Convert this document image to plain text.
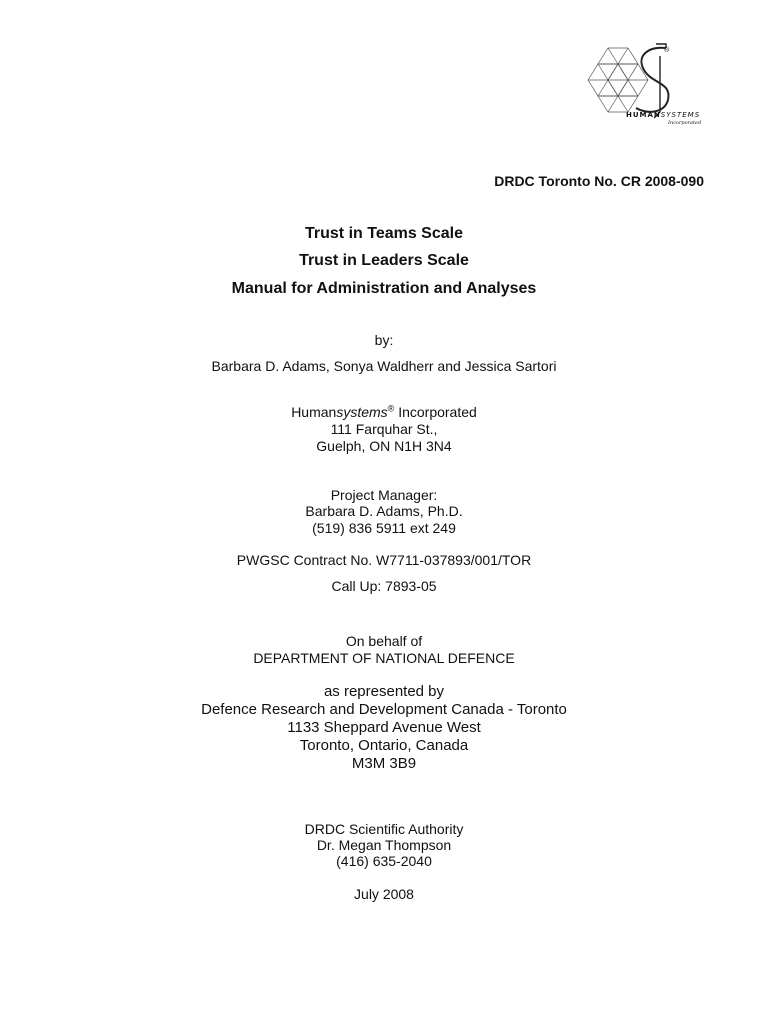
®
HUMANSYSTEMS
Incorporated
DRDC Toronto No. CR 2008-090
Trust in Teams Scale
Trust in Leaders Scale
Manual for Administration and Analyses
by:
Barbara D. Adams, Sonya Waldherr and Jessica Sartori
Humansystems® Incorporated
111 Farquhar St.,
Guelph, ON N1H 3N4
Project Manager:
Barbara D. Adams, Ph.D.
(519) 836 5911 ext 249
PWGSC Contract No. W7711-037893/001/TOR
Call Up: 7893-05
On behalf of
DEPARTMENT OF NATIONAL DEFENCE
as represented by
Defence Research and Development Canada - Toronto
1133 Sheppard Avenue West
Toronto, Ontario, Canada
M3M 3B9
DRDC Scientific Authority
Dr. Megan Thompson
(416) 635-2040
July 2008
